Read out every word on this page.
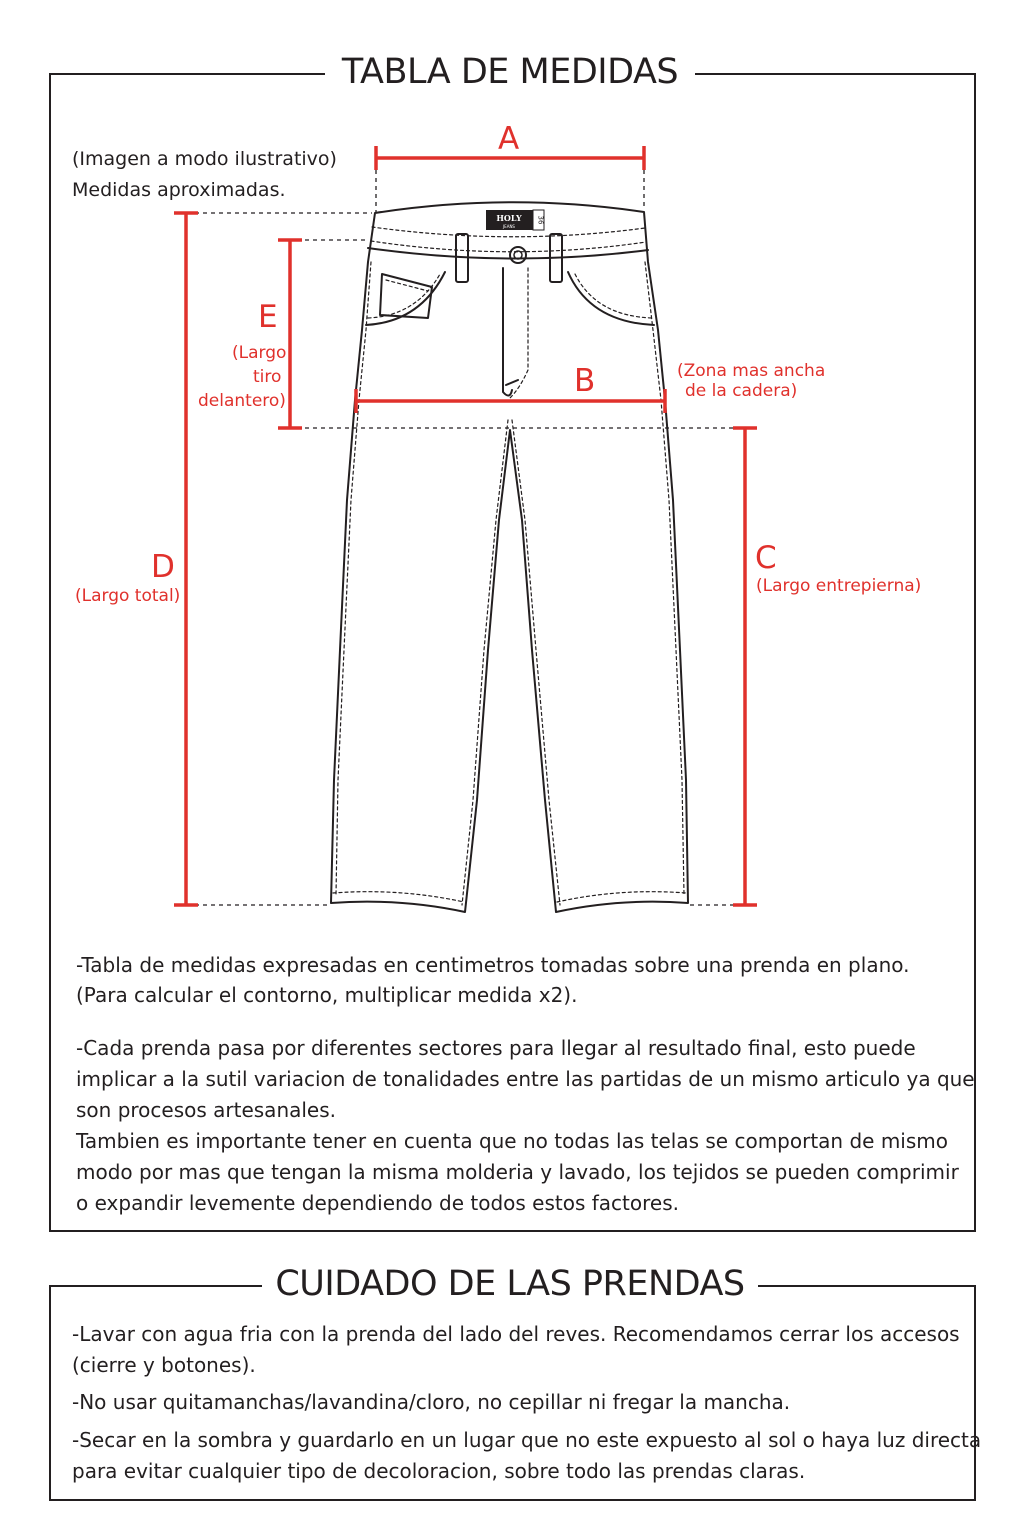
TABLA DE MEDIDAS
CUIDADO DE LAS PRENDAS
(Imagen a modo ilustrativo)
Medidas aproximadas.
HOLY
JEANS
36
A
B	(Zona mas ancha
de la cadera)
C
(Largo entrepierna)
D
(Largo total)
E
(Largo
tiro
delantero)
-Tabla de medidas expresadas en centimetros tomadas sobre una prenda en plano.
(Para calcular el contorno, multiplicar medida x2).
-Cada prenda pasa por diferentes sectores para llegar al resultado final, esto puede
implicar a la sutil variacion de tonalidades entre las partidas de un mismo articulo ya que
son procesos artesanales.
Tambien es importante tener en cuenta que no todas las telas se comportan de mismo
modo por mas que tengan la misma molderia y lavado, los tejidos se pueden comprimir
o expandir levemente dependiendo de todos estos factores.
-Lavar con agua fria con la prenda del lado del reves. Recomendamos cerrar los accesos
(cierre y botones).
-No usar quitamanchas/lavandina/cloro, no cepillar ni fregar la mancha.
-Secar en la sombra y guardarlo en un lugar que no este expuesto al sol o haya luz directa
para evitar cualquier tipo de decoloracion, sobre todo las prendas claras.
